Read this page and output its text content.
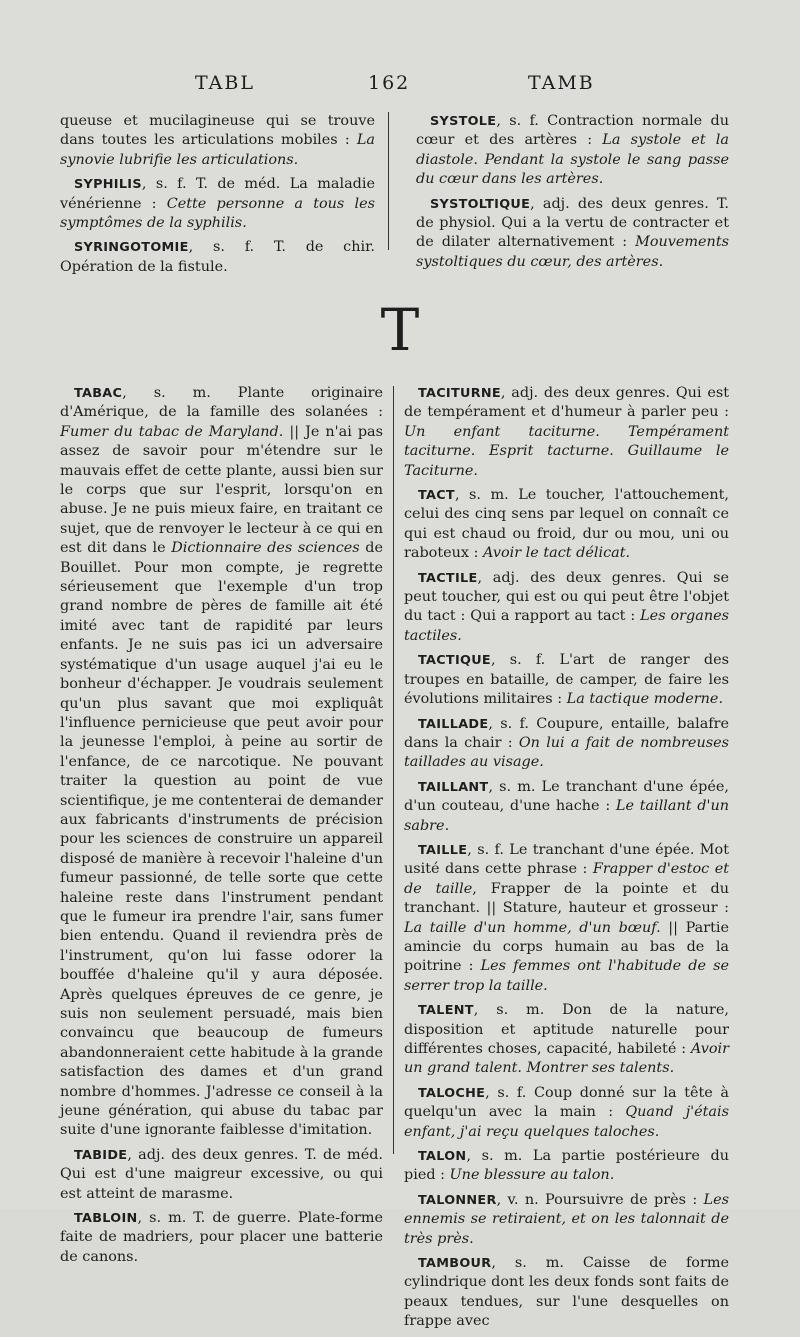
TABL	162	TAMB

queuse et mucilagineuse qui se trouve dans toutes les articulations mobiles : La synovie lubrifie les articulations.

SYPHILIS, s. f. T. de méd. La maladie vénérienne : Cette personne a tous les symptômes de la syphilis.

SYRINGOTOMIE, s. f. T. de chir. Opération de la fistule.

SYSTOLE, s. f. Contraction normale du cœur et des artères : La systole et la diastole. Pendant la systole le sang passe du cœur dans les artères.

SYSTOLTIQUE, adj. des deux genres. T. de physiol. Qui a la vertu de contracter et de dilater alternativement : Mouvements systoltiques du cœur, des artères.

T

TABAC, s. m. Plante originaire d'Amérique, de la famille des solanées : Fumer du tabac de Maryland. || Je n'ai pas assez de savoir pour m'étendre sur le mauvais effet de cette plante, aussi bien sur le corps que sur l'esprit, lorsqu'on en abuse. Je ne puis mieux faire, en traitant ce sujet, que de renvoyer le lecteur à ce qui en est dit dans le Dictionnaire des sciences de Bouillet. Pour mon compte, je regrette sérieusement que l'exemple d'un trop grand nombre de pères de famille ait été imité avec tant de rapidité par leurs enfants. Je ne suis pas ici un adversaire systématique d'un usage auquel j'ai eu le bonheur d'échapper. Je voudrais seulement qu'un plus savant que moi expliquât l'influence pernicieuse que peut avoir pour la jeunesse l'emploi, à peine au sortir de l'enfance, de ce narcotique. Ne pouvant traiter la question au point de vue scientifique, je me contenterai de demander aux fabricants d'instruments de précision pour les sciences de construire un appareil disposé de manière à recevoir l'haleine d'un fumeur passionné, de telle sorte que cette haleine reste dans l'instrument pendant que le fumeur ira prendre l'air, sans fumer bien entendu. Quand il reviendra près de l'instrument, qu'on lui fasse odorer la bouffée d'haleine qu'il y aura déposée. Après quelques épreuves de ce genre, je suis non seulement persuadé, mais bien convaincu que beaucoup de fumeurs abandonneraient cette habitude à la grande satisfaction des dames et d'un grand nombre d'hommes. J'adresse ce conseil à la jeune génération, qui abuse du tabac par suite d'une ignorante faiblesse d'imitation.

TABIDE, adj. des deux genres. T. de méd. Qui est d'une maigreur excessive, ou qui est atteint de marasme.

TABLOIN, s. m. T. de guerre. Plate-forme faite de madriers, pour placer une batterie de canons.

TACITURNE, adj. des deux genres. Qui est de tempérament et d'humeur à parler peu : Un enfant taciturne. Tempérament taciturne. Esprit tacturne. Guillaume le Taciturne.

TACT, s. m. Le toucher, l'attouchement, celui des cinq sens par lequel on connaît ce qui est chaud ou froid, dur ou mou, uni ou raboteux : Avoir le tact délicat.

TACTILE, adj. des deux genres. Qui se peut toucher, qui est ou qui peut être l'objet du tact : Qui a rapport au tact : Les organes tactiles.

TACTIQUE, s. f. L'art de ranger des troupes en bataille, de camper, de faire les évolutions militaires : La tactique moderne.

TAILLADE, s. f. Coupure, entaille, balafre dans la chair : On lui a fait de nombreuses taillades au visage.

TAILLANT, s. m. Le tranchant d'une épée, d'un couteau, d'une hache : Le taillant d'un sabre.

TAILLE, s. f. Le tranchant d'une épée. Mot usité dans cette phrase : Frapper d'estoc et de taille, Frapper de la pointe et du tranchant. || Stature, hauteur et grosseur : La taille d'un homme, d'un bœuf. || Partie amincie du corps humain au bas de la poitrine : Les femmes ont l'habitude de se serrer trop la taille.

TALENT, s. m. Don de la nature, disposition et aptitude naturelle pour différentes choses, capacité, habileté : Avoir un grand talent. Montrer ses talents.

TALOCHE, s. f. Coup donné sur la tête à quelqu'un avec la main : Quand j'étais enfant, j'ai reçu quelques taloches.

TALON, s. m. La partie postérieure du pied : Une blessure au talon.

TALONNER, v. n. Poursuivre de près : Les ennemis se retiraient, et on les talonnait de très près.

TAMBOUR, s. m. Caisse de forme cylindrique dont les deux fonds sont faits de peaux tendues, sur l'une desquelles on frappe avec
